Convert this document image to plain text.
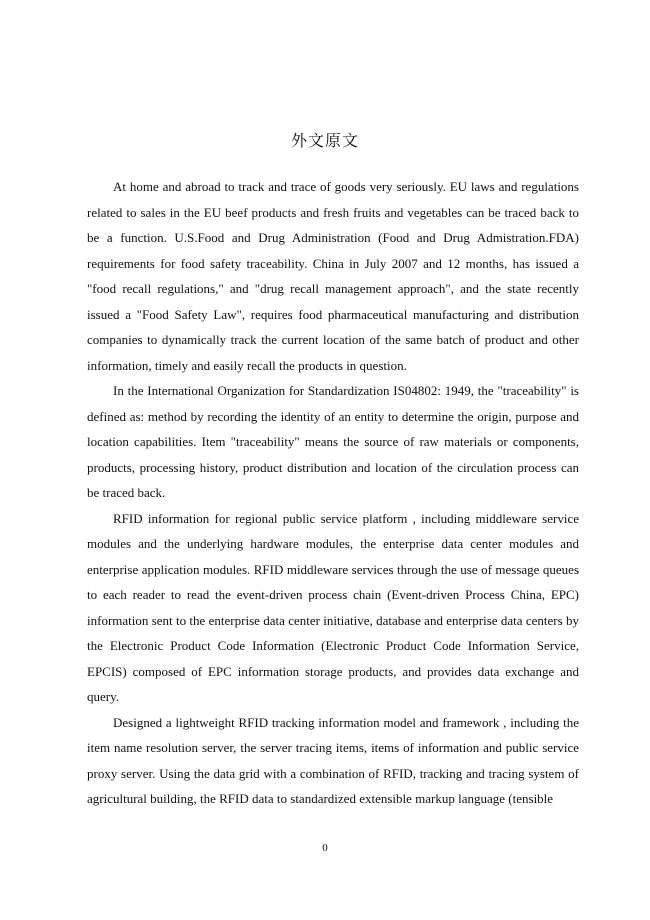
外文原文

At home and abroad to track and trace of goods very seriously. EU laws and regulations related to sales in the EU beef products and fresh fruits and vegetables can be traced back to be a function. U.S.Food and Drug Administration (Food and Drug Admistration.FDA) requirements for food safety traceability. China in July 2007 and 12 months, has issued a "food recall regulations," and "drug recall management approach", and the state recently issued a "Food Safety Law", requires food pharmaceutical manufacturing and distribution companies to dynamically track the current location of the same batch of product and other information, timely and easily recall the products in question.

In the International Organization for Standardization IS04802: 1949, the "traceability" is defined as: method by recording the identity of an entity to determine the origin, purpose and location capabilities. Item "traceability" means the source of raw materials or components, products, processing history, product distribution and location of the circulation process can be traced back.

RFID information for regional public service platform , including middleware service modules and the underlying hardware modules, the enterprise data center modules and enterprise application modules. RFID middleware services through the use of message queues to each reader to read the event-driven process chain (Event-driven Process China, EPC) information sent to the enterprise data center initiative, database and enterprise data centers by the Electronic Product Code Information (Electronic Product Code Information Service, EPCIS) composed of EPC information storage products, and provides data exchange and query.

Designed a lightweight RFID tracking information model and framework , including the item name resolution server, the server tracing items, items of information and public service proxy server. Using the data grid with a combination of RFID, tracking and tracing system of agricultural building, the RFID data to standardized extensible markup language (tensible

0
